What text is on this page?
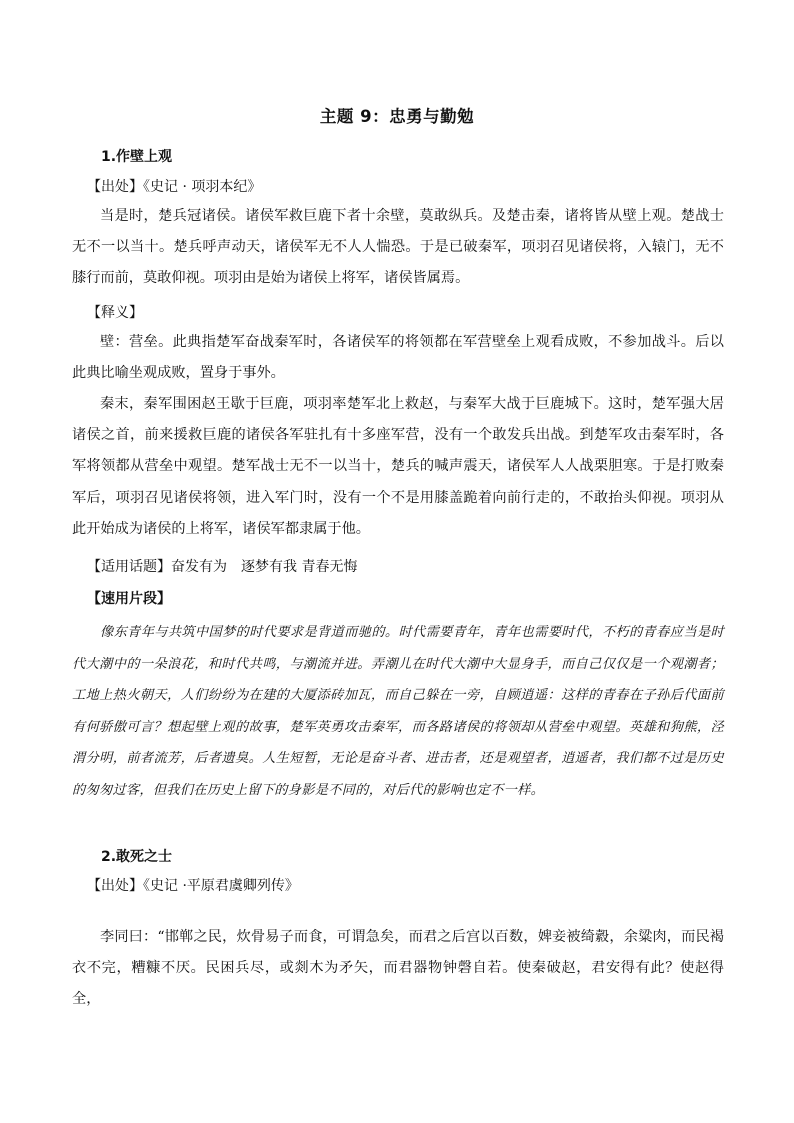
主题 9：忠勇与勤勉
1.作壁上观
【出处】《史记 · 项羽本纪》

当是时，楚兵冠诸侯。诸侯军救巨鹿下者十余壁，莫敢纵兵。及楚击秦，诸将皆从壁上观。楚战士无不一以当十。楚兵呼声动天，诸侯军无不人人惴恐。于是已破秦军，项羽召见诸侯将，入辕门，无不膝行而前，莫敢仰视。项羽由是始为诸侯上将军，诸侯皆属焉。

【释义】

壁：营垒。此典指楚军奋战秦军时，各诸侯军的将领都在军营壁垒上观看成败，不参加战斗。后以此典比喻坐观成败，置身于事外。

秦末，秦军围困赵王歇于巨鹿，项羽率楚军北上救赵，与秦军大战于巨鹿城下。这时，楚军强大居诸侯之首，前来援救巨鹿的诸侯各军驻扎有十多座军营，没有一个敢发兵出战。到楚军攻击秦军时，各军将领都从营垒中观望。楚军战士无不一以当十，楚兵的喊声震天，诸侯军人人战栗胆寒。于是打败秦军后，项羽召见诸侯将领，进入军门时，没有一个不是用膝盖跪着向前行走的，不敢抬头仰视。项羽从此开始成为诸侯的上将军，诸侯军都隶属于他。

【适用话题】奋发有为　逐梦有我 青春无悔
【速用片段】

像东青年与共筑中国梦的时代要求是背道而驰的。时代需要青年，青年也需要时代，不朽的青春应当是时代大潮中的一朵浪花，和时代共鸣，与潮流并进。弄潮儿在时代大潮中大显身手，而自己仅仅是一个观潮者；工地上热火朝天，人们纷纷为在建的大厦添砖加瓦，而自己躲在一旁，自顾逍遥：这样的青春在子孙后代面前有何骄傲可言？想起壁上观的故事，楚军英勇攻击秦军，而各路诸侯的将领却从营垒中观望。英雄和狗熊，泾渭分明，前者流芳，后者遗臭。人生短暂，无论是奋斗者、进击者，还是观望者，逍遥者，我们都不过是历史的匆匆过客，但我们在历史上留下的身影是不同的，对后代的影响也定不一样。

2.敢死之士
【出处】《史记 ·平原君虞卿列传》

李同曰：“邯郸之民，炊骨易子而食，可谓急矣，而君之后宫以百数，婢妾被绮縠，余粱肉，而民褐衣不完，糟糠不厌。民困兵尽，或剡木为矛矢，而君器物钟磬自若。使秦破赵，君安得有此？使赵得全，
